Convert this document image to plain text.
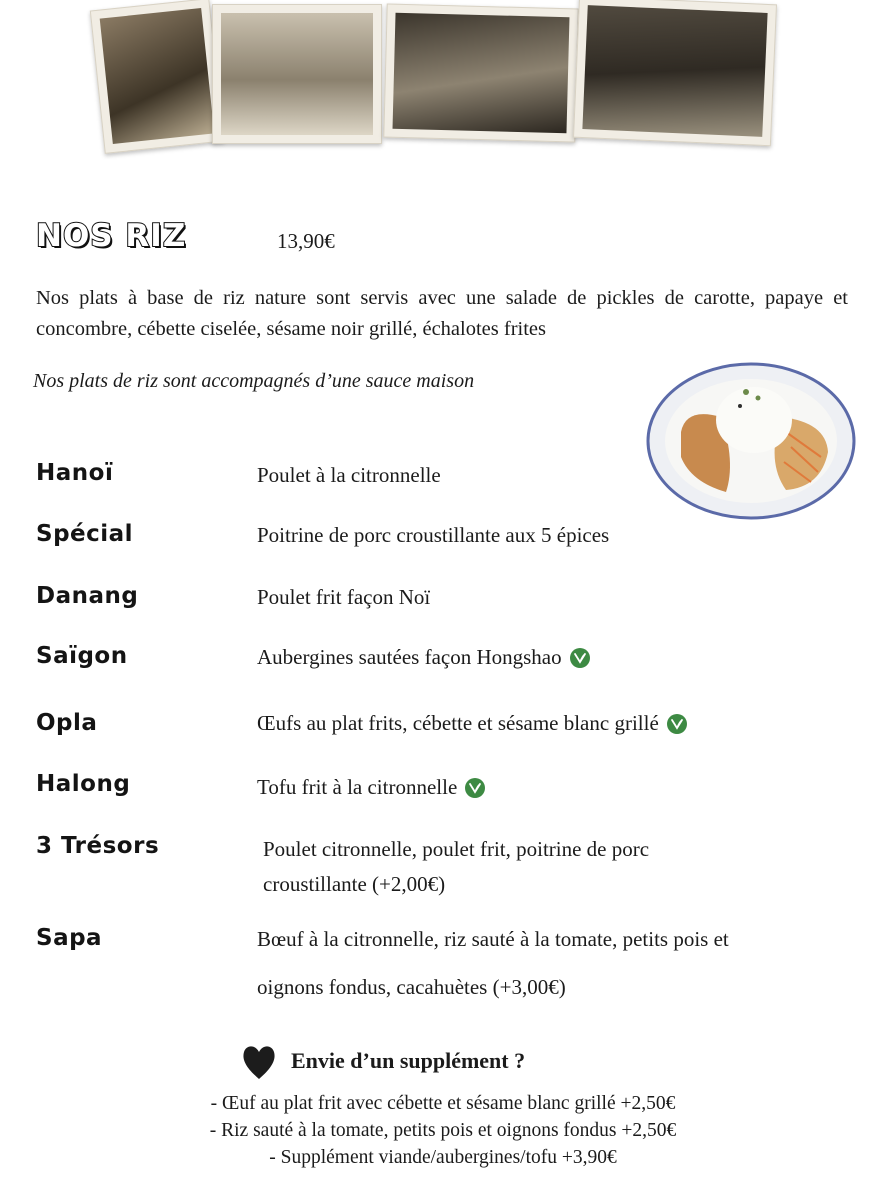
NOS RIZ	13,90€
Nos plats à base de riz nature sont servis avec une salade de pickles de carotte, papaye et concombre, cébette ciselée, sésame noir grillé, échalotes frites
Nos plats de riz sont accompagnés d’une sauce maison
Hanoï	Poulet à la citronnelle
Spécial	Poitrine de porc croustillante aux 5 épices
Danang	Poulet frit façon Noï
Saïgon	Aubergines sautées façon Hongshao
Opla	Œufs au plat frits, cébette et sésame blanc grillé
Halong	Tofu frit à la citronnelle
3 Trésors	Poulet citronnelle, poulet frit, poitrine de porc
croustillante (+2,00€)
Sapa	Bœuf à la citronnelle, riz sauté à la tomate, petits pois et
oignons fondus, cacahuètes (+3,00€)
Envie d’un supplément ?
- Œuf au plat frit avec cébette et sésame blanc grillé +2,50€
- Riz sauté à la tomate, petits pois et oignons fondus +2,50€
- Supplément viande/aubergines/tofu +3,90€
